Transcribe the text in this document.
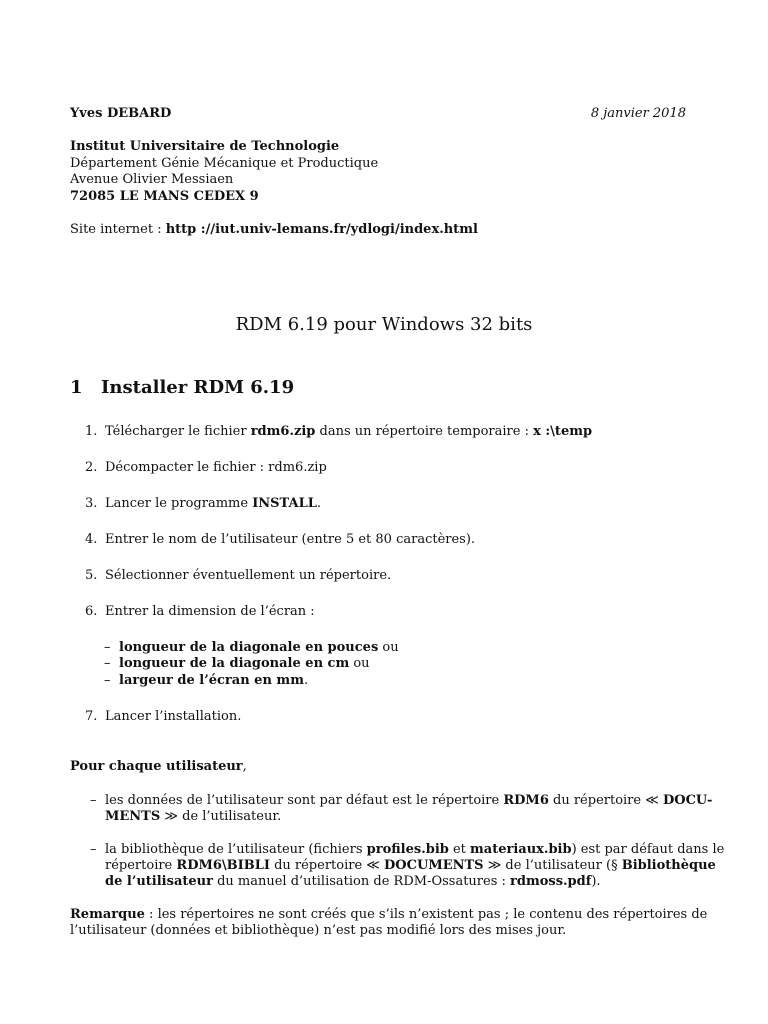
Yves DEBARD	8 janvier 2018
Institut Universitaire de Technologie
Département Génie Mécanique et Productique
Avenue Olivier Messiaen
72085 LE MANS CEDEX 9
Site internet : http ://iut.univ-lemans.fr/ydlogi/index.html
RDM 6.19 pour Windows 32 bits
1 Installer RDM 6.19
1. Télécharger le fichier rdm6.zip dans un répertoire temporaire : x :\temp
2. Décompacter le fichier : rdm6.zip
3. Lancer le programme INSTALL.
4. Entrer le nom de l’utilisateur (entre 5 et 80 caractères).
5. Sélectionner éventuellement un répertoire.
6. Entrer la dimension de l’écran :
– longueur de la diagonale en pouces ou
– longueur de la diagonale en cm ou
– largeur de l’écran en mm.
7. Lancer l’installation.
Pour chaque utilisateur,
– les données de l’utilisateur sont par défaut est le répertoire RDM6 du répertoire ≪ DOCU-
MENTS ≫ de l’utilisateur.
– la bibliothèque de l’utilisateur (fichiers profiles.bib et materiaux.bib) est par défaut dans le
répertoire RDM6\BIBLI du répertoire ≪ DOCUMENTS ≫ de l’utilisateur (§ Bibliothèque
de l’utilisateur du manuel d’utilisation de RDM-Ossatures : rdmoss.pdf).
Remarque : les répertoires ne sont créés que s’ils n’existent pas ; le contenu des répertoires de
l’utilisateur (données et bibliothèque) n’est pas modifié lors des mises jour.
